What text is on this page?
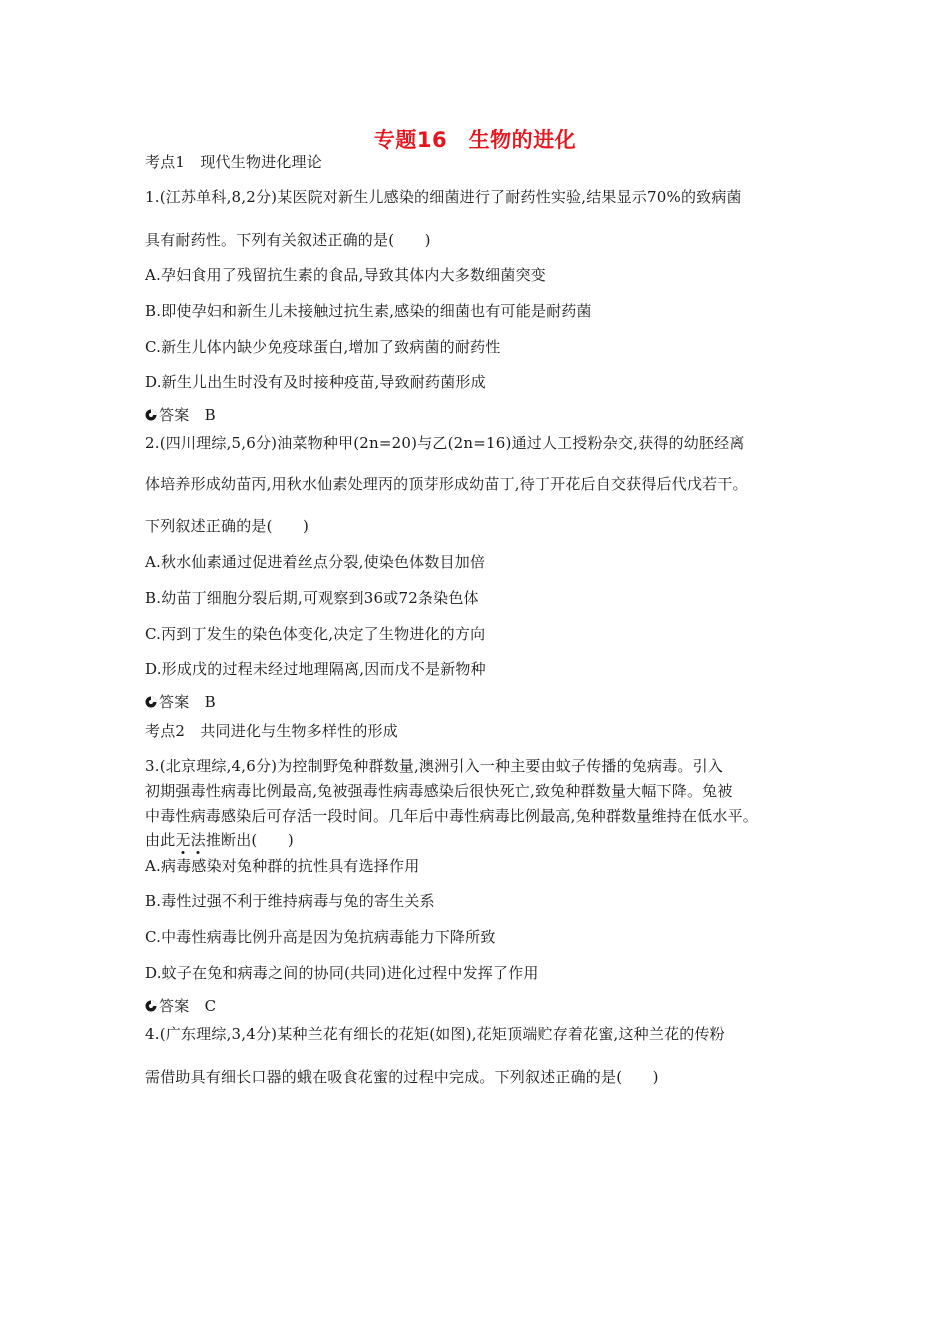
专题16　生物的进化
考点1　现代生物进化理论
1.(江苏单科,8,2分)某医院对新生儿感染的细菌进行了耐药性实验,结果显示70%的致病菌
具有耐药性。下列有关叙述正确的是(　　)
A.孕妇食用了残留抗生素的食品,导致其体内大多数细菌突变
B.即使孕妇和新生儿未接触过抗生素,感染的细菌也有可能是耐药菌
C.新生儿体内缺少免疫球蛋白,增加了致病菌的耐药性
D.新生儿出生时没有及时接种疫苗,导致耐药菌形成
答案　B
2.(四川理综,5,6分)油菜物种甲(2n=20)与乙(2n=16)通过人工授粉杂交,获得的幼胚经离
体培养形成幼苗丙,用秋水仙素处理丙的顶芽形成幼苗丁,待丁开花后自交获得后代戊若干。
下列叙述正确的是(　　)
A.秋水仙素通过促进着丝点分裂,使染色体数目加倍
B.幼苗丁细胞分裂后期,可观察到36或72条染色体
C.丙到丁发生的染色体变化,决定了生物进化的方向
D.形成戊的过程未经过地理隔离,因而戊不是新物种
答案　B
考点2　共同进化与生物多样性的形成
3.(北京理综,4,6分)为控制野兔种群数量,澳洲引入一种主要由蚊子传播的兔病毒。引入
初期强毒性病毒比例最高,兔被强毒性病毒感染后很快死亡,致兔种群数量大幅下降。兔被
中毒性病毒感染后可存活一段时间。几年后中毒性病毒比例最高,兔种群数量维持在低水平。
由此无法推断出(　　)
A.病毒感染对兔种群的抗性具有选择作用
B.毒性过强不利于维持病毒与兔的寄生关系
C.中毒性病毒比例升高是因为兔抗病毒能力下降所致
D.蚊子在兔和病毒之间的协同(共同)进化过程中发挥了作用
答案　C
4.(广东理综,3,4分)某种兰花有细长的花矩(如图),花矩顶端贮存着花蜜,这种兰花的传粉
需借助具有细长口器的蛾在吸食花蜜的过程中完成。下列叙述正确的是(　　)
